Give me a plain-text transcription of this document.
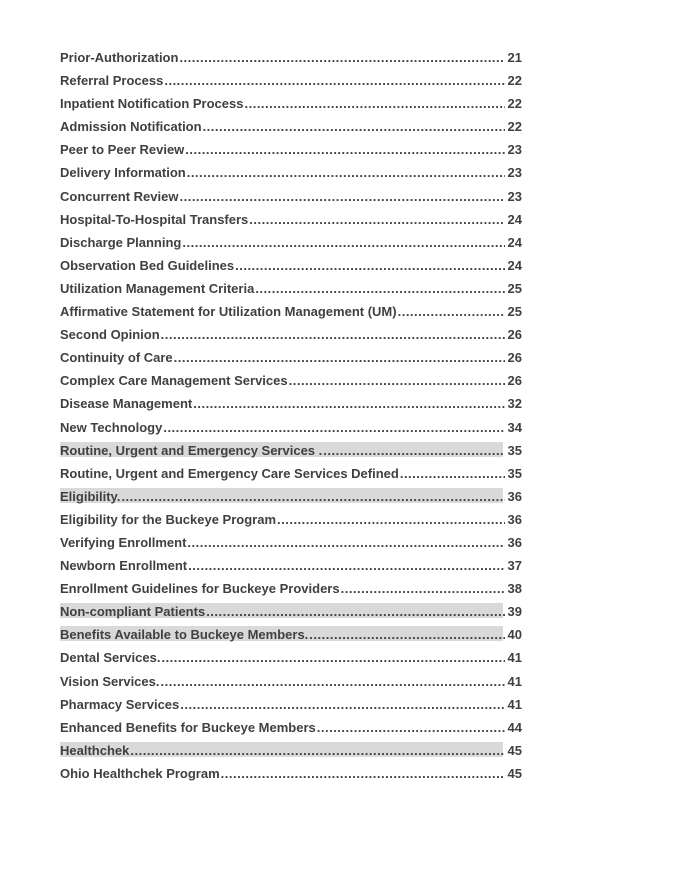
Prior-Authorization .....	21
Referral Process .....	22
Inpatient Notification Process .....	22
Admission Notification .....	22
Peer to Peer Review .....	23
Delivery Information .....	23
Concurrent Review .....	23
Hospital-To-Hospital Transfers .....	24
Discharge Planning .....	24
Observation Bed Guidelines .....	24
Utilization Management Criteria .....	25
Affirmative Statement for Utilization Management (UM) .....	25
Second Opinion .....	26
Continuity of Care .....	26
Complex Care Management Services .....	26
Disease Management .....	32
New Technology .....	34
Routine, Urgent and Emergency Services . .....	35
Routine, Urgent and Emergency Care Services Defined .....	35
Eligibility. .....	36
Eligibility for the Buckeye Program .....	36
Verifying Enrollment .....	36
Newborn Enrollment .....	37
Enrollment Guidelines for Buckeye Providers .....	38
Non-compliant Patients .....	39
Benefits Available to Buckeye Members. .....	40
Dental Services. .....	41
Vision Services. .....	41
Pharmacy Services .....	41
Enhanced Benefits for Buckeye Members .....	44
Healthchek .....	45
Ohio Healthchek Program .....	45
